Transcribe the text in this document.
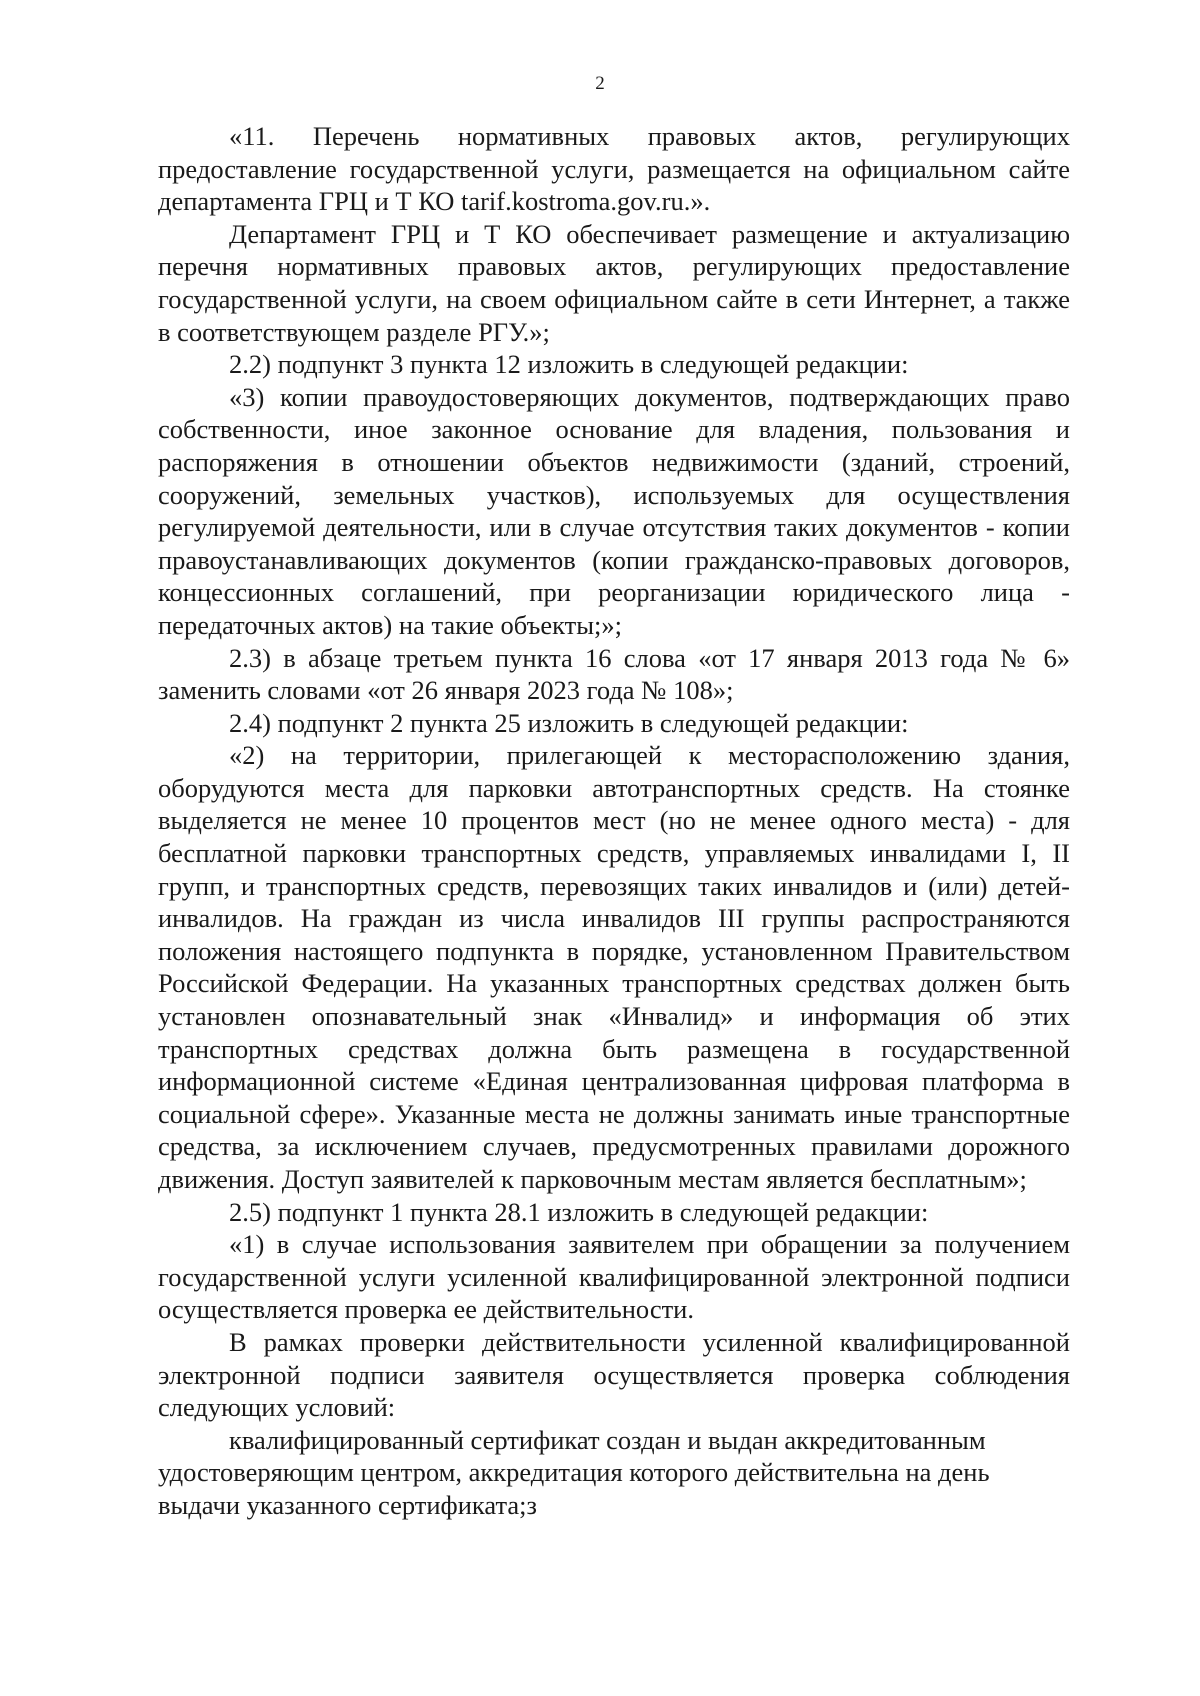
2

«11. Перечень нормативных правовых актов, регулирующих предоставление государственной услуги, размещается на официальном сайте департамента ГРЦ и Т КО tarif.kostroma.gov.ru.».

Департамент ГРЦ и Т КО обеспечивает размещение и актуализацию перечня нормативных правовых актов, регулирующих предоставление государственной услуги, на своем официальном сайте в сети Интернет, а также в соответствующем разделе РГУ.»;

2.2) подпункт 3 пункта 12 изложить в следующей редакции:

«3) копии правоудостоверяющих документов, подтверждающих право собственности, иное законное основание для владения, пользования и распоряжения в отношении объектов недвижимости (зданий, строений, сооружений, земельных участков), используемых для осуществления регулируемой деятельности, или в случае отсутствия таких документов - копии правоустанавливающих документов (копии гражданско-правовых договоров, концессионных соглашений, при реорганизации юридического лица - передаточных актов) на такие объекты;»;

2.3) в абзаце третьем пункта 16 слова «от 17 января 2013 года № 6» заменить словами «от 26 января 2023 года № 108»;

2.4) подпункт 2 пункта 25 изложить в следующей редакции:

«2) на территории, прилегающей к месторасположению здания, оборудуются места для парковки автотранспортных средств. На стоянке выделяется не менее 10 процентов мест (но не менее одного места) - для бесплатной парковки транспортных средств, управляемых инвалидами I, II групп, и транспортных средств, перевозящих таких инвалидов и (или) детей-инвалидов. На граждан из числа инвалидов III группы распространяются положения настоящего подпункта в порядке, установленном Правительством Российской Федерации. На указанных транспортных средствах должен быть установлен опознавательный знак «Инвалид» и информация об этих транспортных средствах должна быть размещена в государственной информационной системе «Единая централизованная цифровая платформа в социальной сфере». Указанные места не должны занимать иные транспортные средства, за исключением случаев, предусмотренных правилами дорожного движения. Доступ заявителей к парковочным местам является бесплатным»;

2.5) подпункт 1 пункта 28.1 изложить в следующей редакции:

«1) в случае использования заявителем при обращении за получением государственной услуги усиленной квалифицированной электронной подписи осуществляется проверка ее действительности.

В рамках проверки действительности усиленной квалифицированной электронной подписи заявителя осуществляется проверка соблюдения следующих условий:

квалифицированный сертификат создан и выдан аккредитованным удостоверяющим центром, аккредитация которого действительна на день выдачи указанного сертификата;з
